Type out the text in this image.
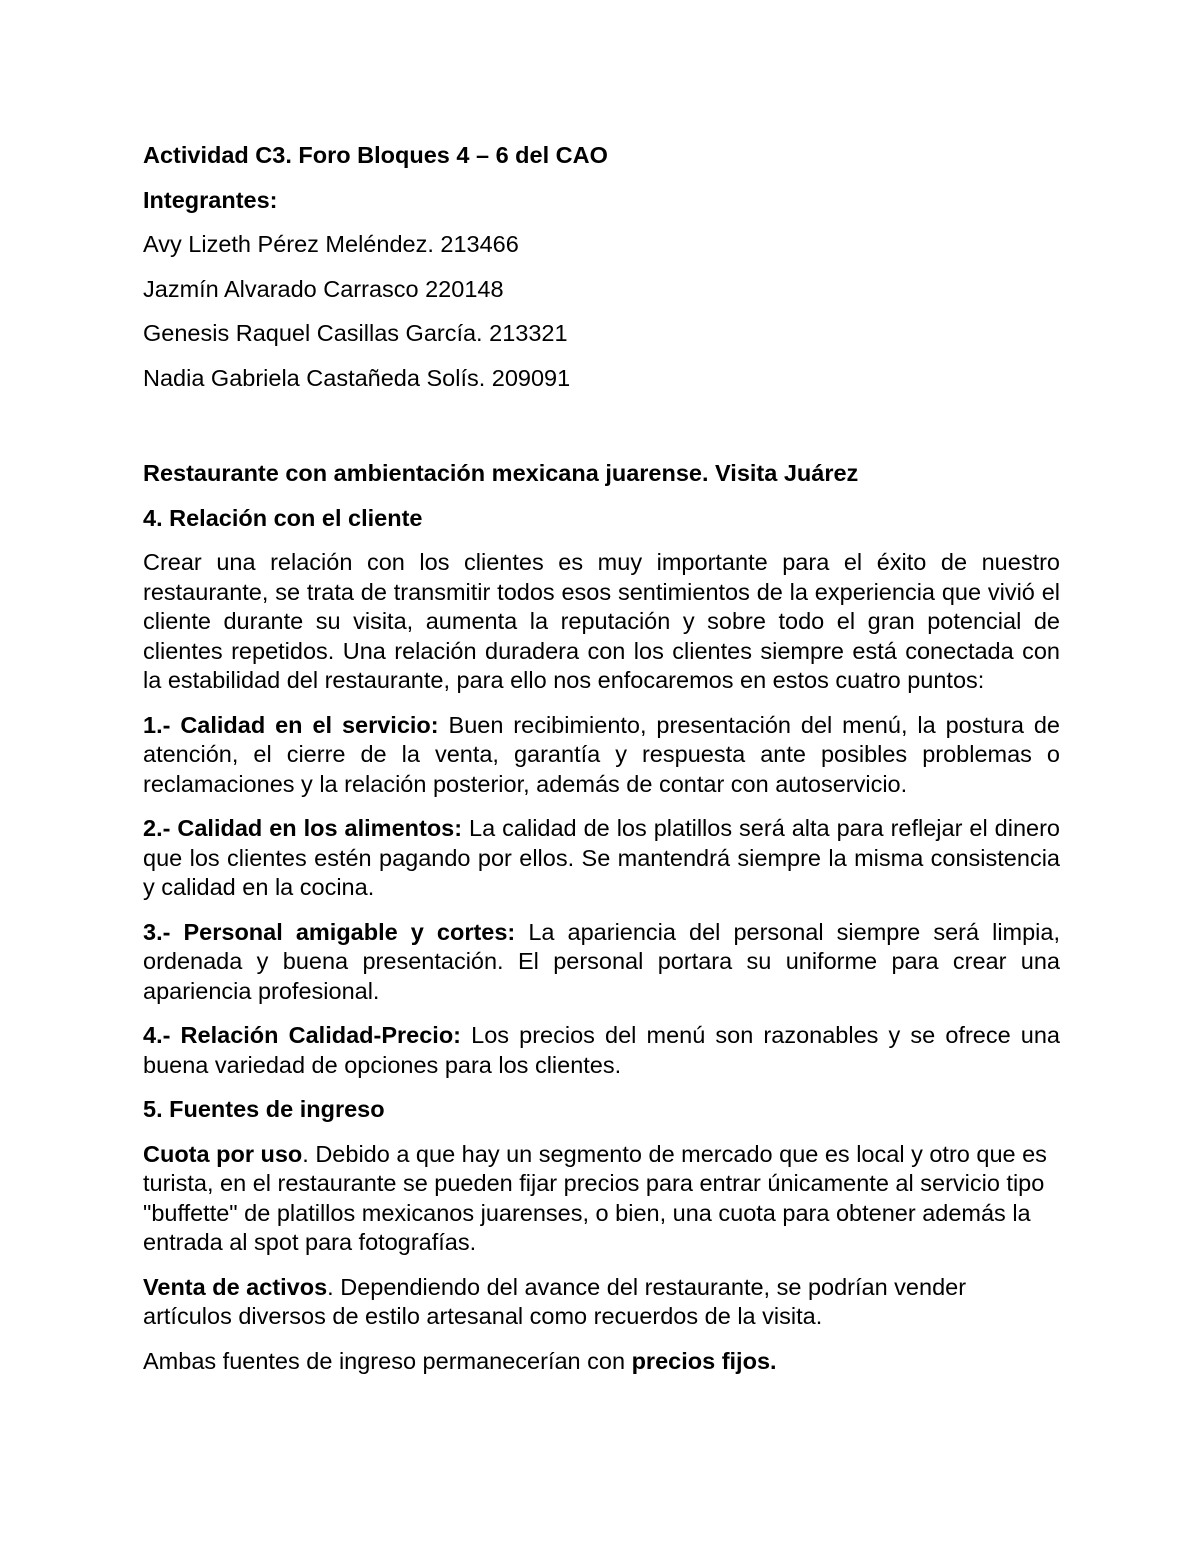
Actividad C3. Foro Bloques 4 – 6 del CAO

Integrantes:

Avy Lizeth Pérez Meléndez. 213466

Jazmín Alvarado Carrasco 220148

Genesis Raquel Casillas García. 213321

Nadia Gabriela Castañeda Solís. 209091

Restaurante con ambientación mexicana juarense. Visita Juárez

4. Relación con el cliente

Crear una relación con los clientes es muy importante para el éxito de nuestro restaurante, se trata de transmitir todos esos sentimientos de la experiencia que vivió el cliente durante su visita, aumenta la reputación y sobre todo el gran potencial de clientes repetidos. Una relación duradera con los clientes siempre está conectada con la estabilidad del restaurante, para ello nos enfocaremos en estos cuatro puntos:

1.- Calidad en el servicio: Buen recibimiento, presentación del menú, la postura de atención, el cierre de la venta, garantía y respuesta ante posibles problemas o reclamaciones y la relación posterior, además de contar con autoservicio.

2.- Calidad en los alimentos: La calidad de los platillos será alta para reflejar el dinero que los clientes estén pagando por ellos. Se mantendrá siempre la misma consistencia y calidad en la cocina.

3.- Personal amigable y cortes: La apariencia del personal siempre será limpia, ordenada y buena presentación. El personal portara su uniforme para crear una apariencia profesional.

4.- Relación Calidad-Precio: Los precios del menú son razonables y se ofrece una buena variedad de opciones para los clientes.

5. Fuentes de ingreso

Cuota por uso. Debido a que hay un segmento de mercado que es local y otro que es turista, en el restaurante se pueden fijar precios para entrar únicamente al servicio tipo "buffette" de platillos mexicanos juarenses, o bien, una cuota para obtener además la entrada al spot para fotografías.

Venta de activos. Dependiendo del avance del restaurante, se podrían vender artículos diversos de estilo artesanal como recuerdos de la visita.

Ambas fuentes de ingreso permanecerían con precios fijos.
